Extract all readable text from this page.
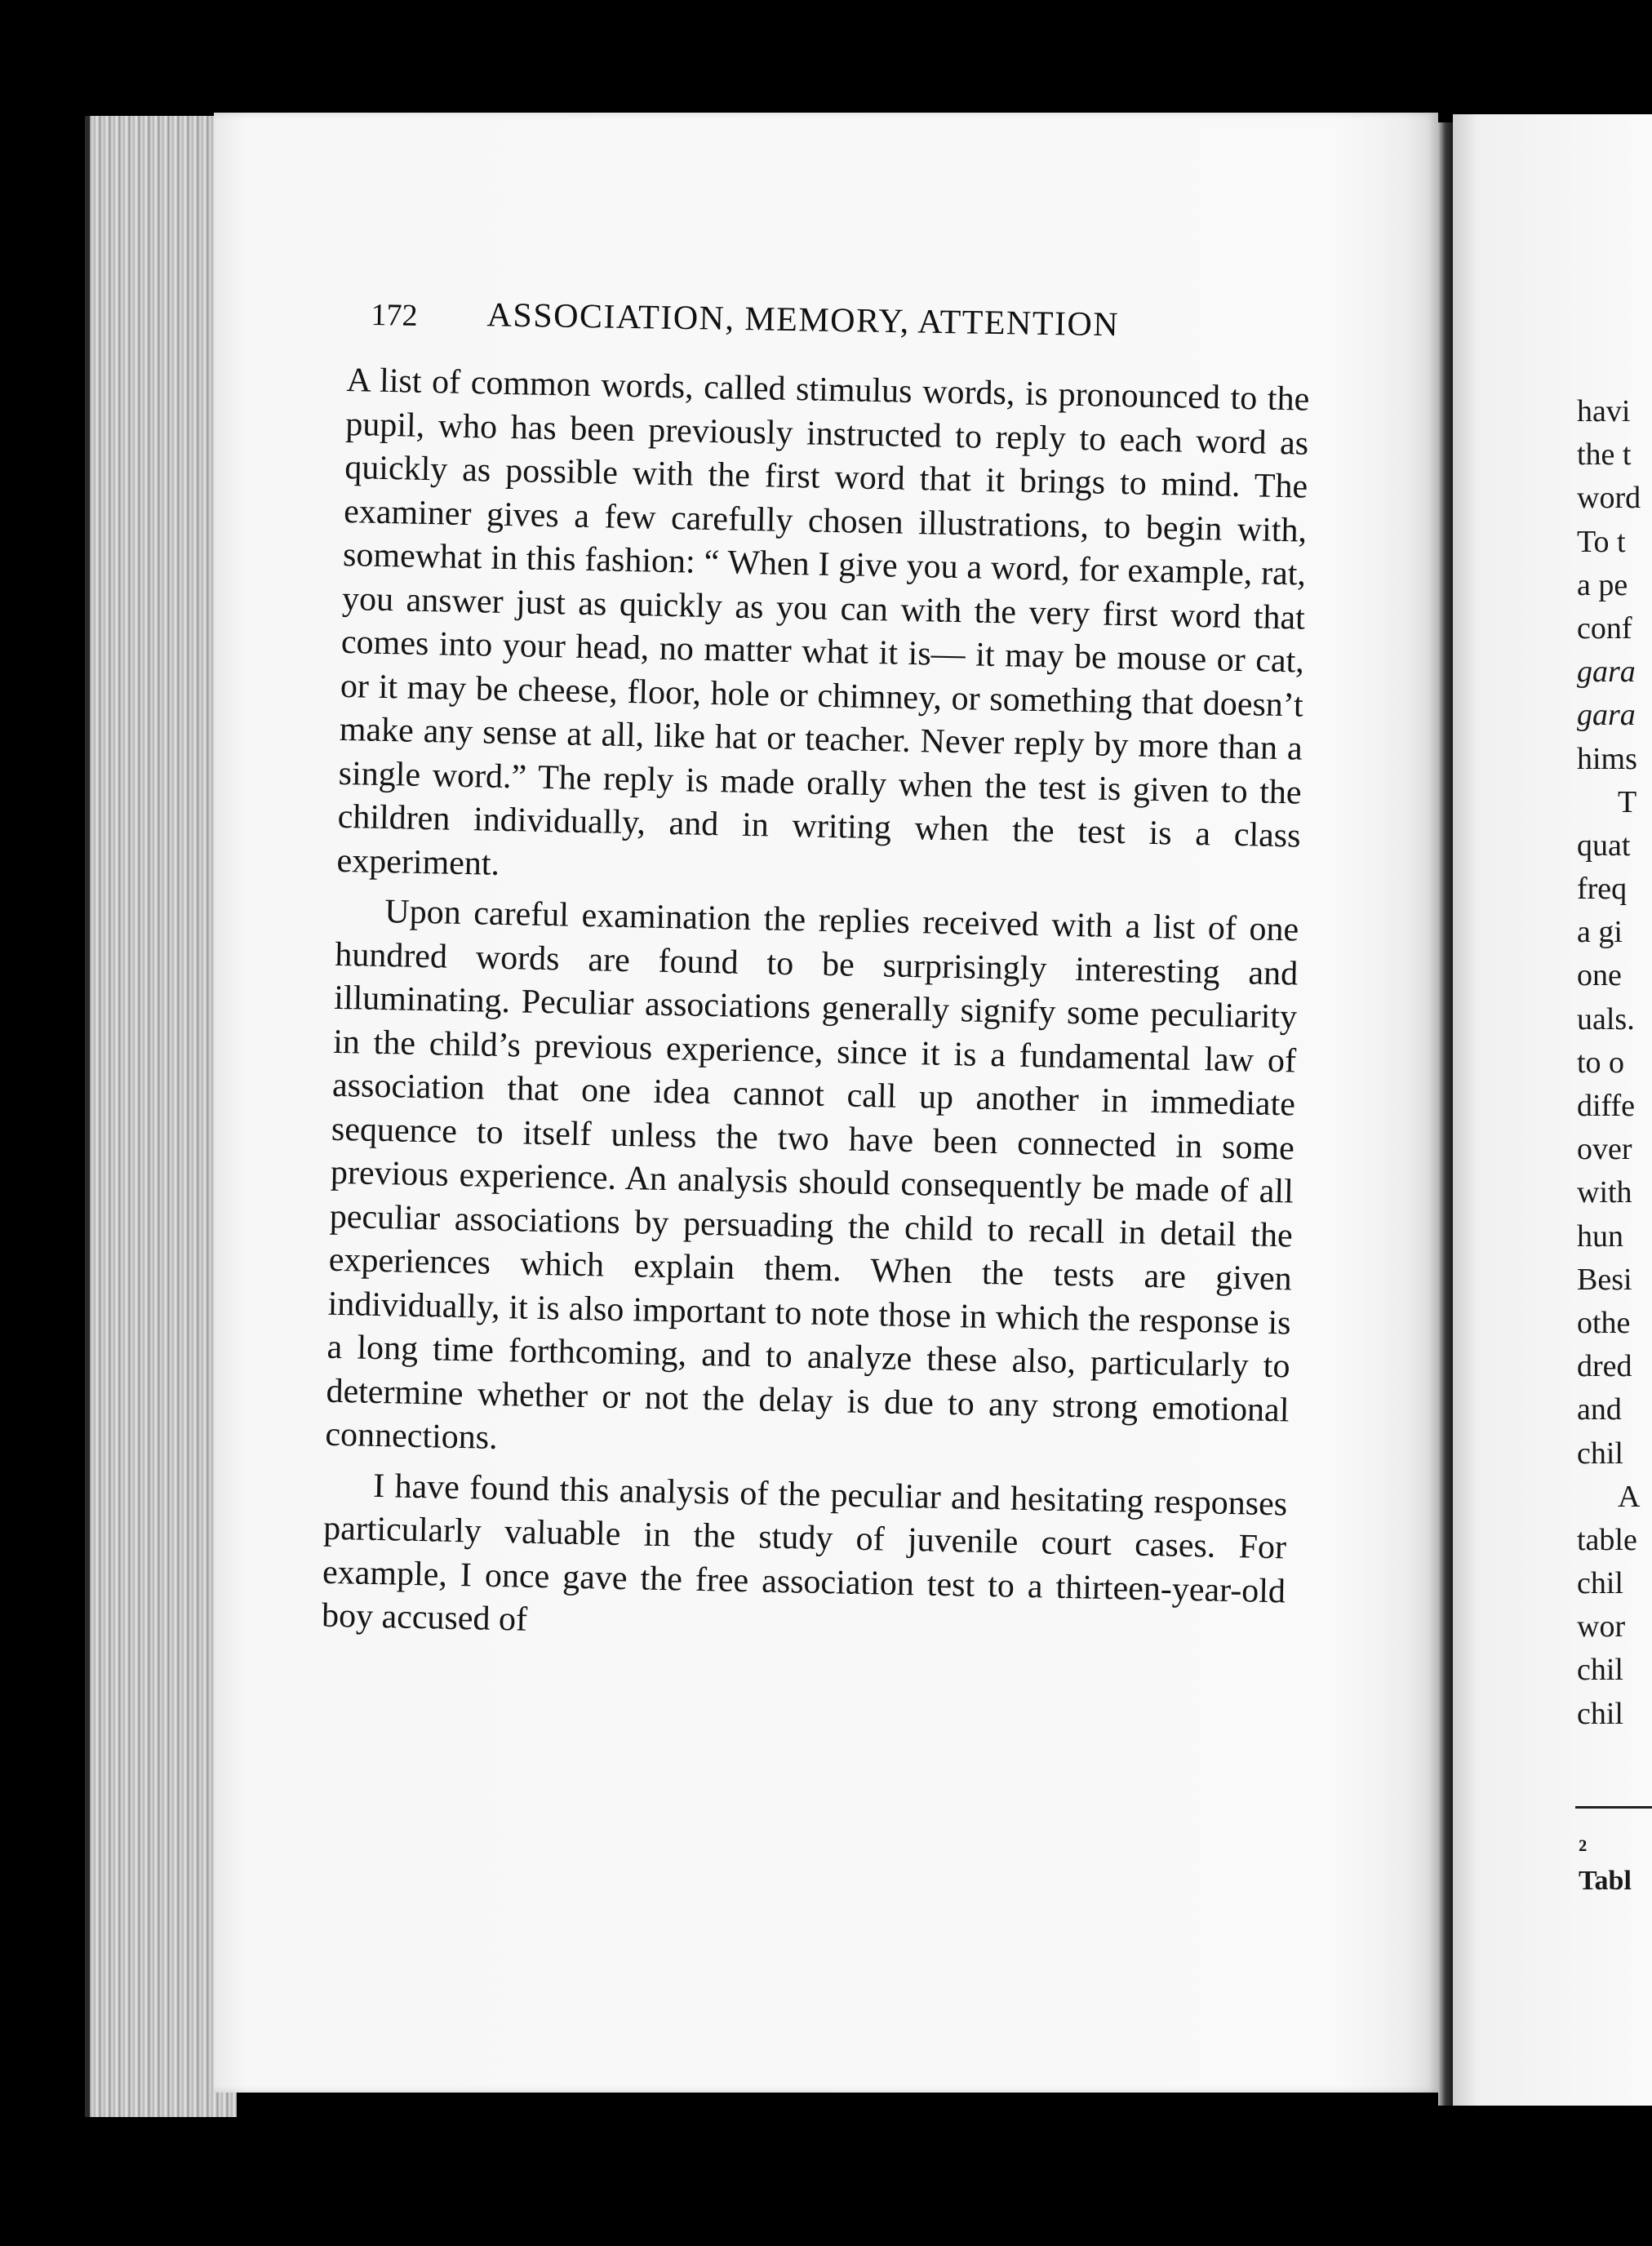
172 ASSOCIATION, MEMORY, ATTENTION

A list of common words, called stimulus words, is pronounced to the pupil, who has been previously instructed to reply to each word as quickly as possible with the first word that it brings to mind. The examiner gives a few carefully chosen illustrations, to begin with, somewhat in this fashion: “ When I give you a word, for example, rat, you answer just as quickly as you can with the very first word that comes into your head, no matter what it is— it may be mouse or cat, or it may be cheese, floor, hole or chimney, or something that doesn’t make any sense at all, like hat or teacher. Never reply by more than a single word.” The reply is made orally when the test is given to the children individually, and in writing when the test is a class experiment.

Upon careful examination the replies received with a list of one hundred words are found to be surprisingly interesting and illuminating. Peculiar associations generally signify some peculiarity in the child’s previous experience, since it is a fundamental law of association that one idea cannot call up another in immediate sequence to itself unless the two have been connected in some previous experience. An analysis should consequently be made of all peculiar associations by persuading the child to recall in detail the experiences which explain them. When the tests are given individually, it is also important to note those in which the response is a long time forthcoming, and to analyze these also, particularly to determine whether or not the delay is due to any strong emotional connections.

I have found this analysis of the peculiar and hesitating responses particularly valuable in the study of juvenile court cases. For example, I once gave the free association test to a thirteen-year-old boy accused of

havi
the t
word
To t
a pe
conf
gara
gara
hims
T
quat
freq
a gi
one
uals.
to o
diffe
over
with
hun
Besi
othe
dred
and
chil
A
table
chil
wor
chil
chil
²
Tabl
